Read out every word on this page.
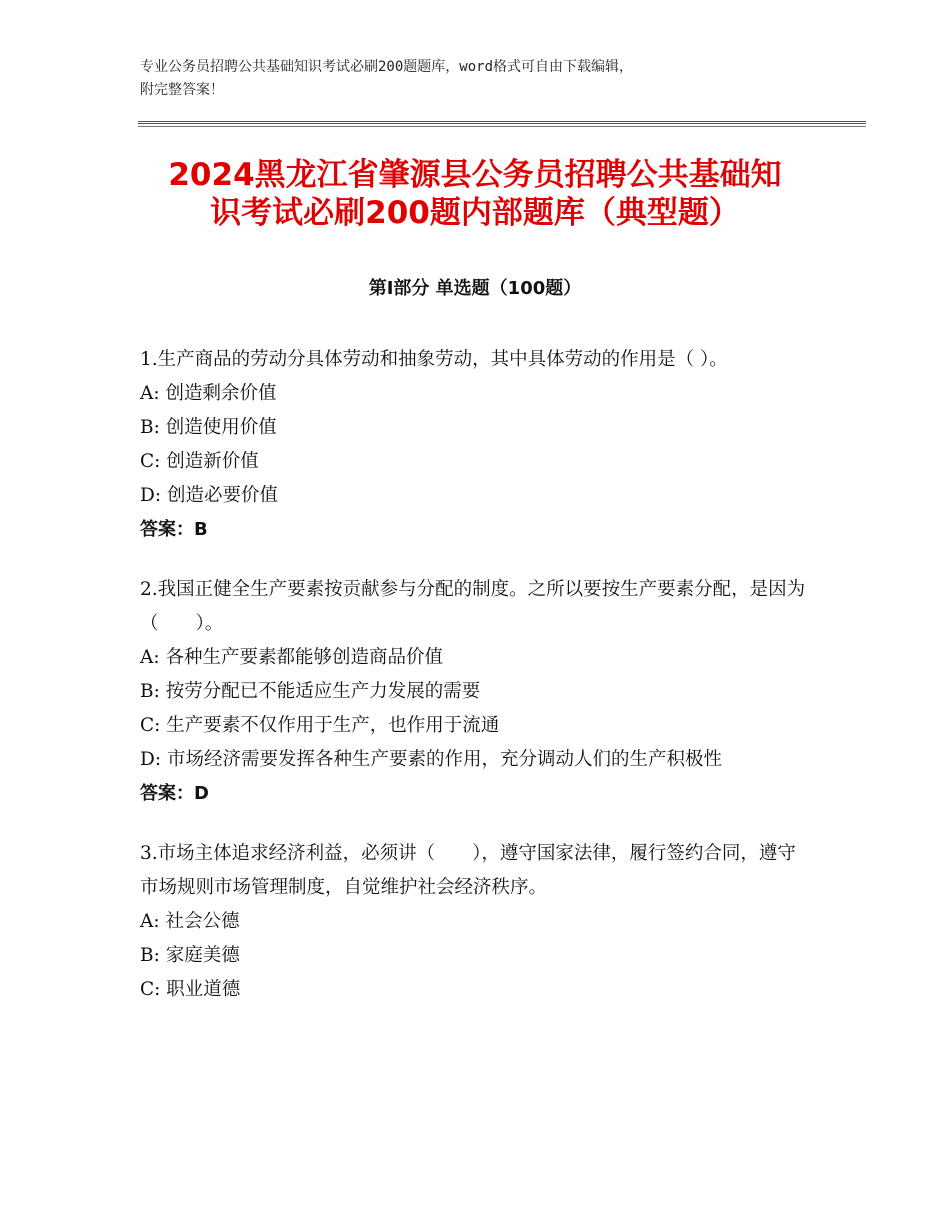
专业公务员招聘公共基础知识考试必刷200题题库，word格式可自由下载编辑，
附完整答案！
2024黑龙江省肇源县公务员招聘公共基础知
识考试必刷200题内部题库（典型题）
第Ⅰ部分 单选题（100题）

1.生产商品的劳动分具体劳动和抽象劳动，其中具体劳动的作用是（ ）。

A: 创造剩余价值

B: 创造使用价值

C: 创造新价值

D: 创造必要价值

答案：B

2.我国正健全生产要素按贡献参与分配的制度。之所以要按生产要素分配，是因为（　　）。

A: 各种生产要素都能够创造商品价值

B: 按劳分配已不能适应生产力发展的需要

C: 生产要素不仅作用于生产，也作用于流通

D: 市场经济需要发挥各种生产要素的作用，充分调动人们的生产积极性

答案：D

3.市场主体追求经济利益，必须讲（　　），遵守国家法律，履行签约合同，遵守市场规则市场管理制度，自觉维护社会经济秩序。

A: 社会公德

B: 家庭美德

C: 职业道德
